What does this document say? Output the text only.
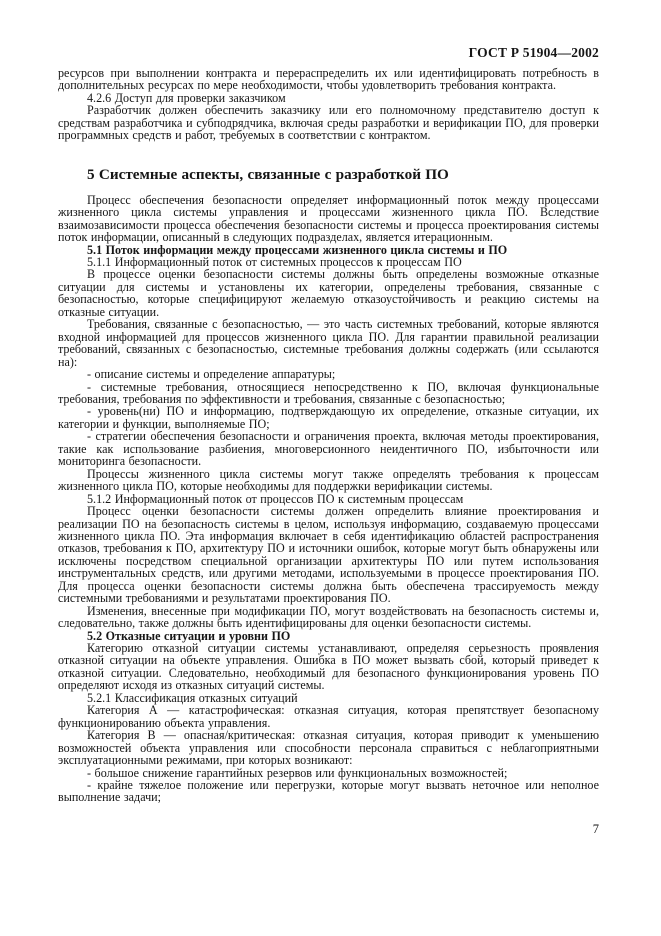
ГОСТ Р 51904—2002

ресурсов при выполнении контракта и перераспределить их или идентифицировать потребность в дополнительных ресурсах по мере необходимости, чтобы удовлетворить требования контракта.

4.2.6 Доступ для проверки заказчиком

Разработчик должен обеспечить заказчику или его полномочному представителю доступ к средствам разработчика и субподрядчика, включая среды разработки и верификации ПО, для проверки программных средств и работ, требуемых в соответствии с контрактом.

5 Системные аспекты, связанные с разработкой ПО

Процесс обеспечения безопасности определяет информационный поток между процессами жизненного цикла системы управления и процессами жизненного цикла ПО. Вследствие взаимозависимости процесса обеспечения безопасности системы и процесса проектирования системы поток информации, описанный в следующих подразделах, является итерационным.

5.1 Поток информации между процессами жизненного цикла системы и ПО

5.1.1 Информационный поток от системных процессов к процессам ПО

В процессе оценки безопасности системы должны быть определены возможные отказные ситуации для системы и установлены их категории, определены требования, связанные с безопасностью, которые специфицируют желаемую отказоустойчивость и реакцию системы на отказные ситуации.

Требования, связанные с безопасностью, — это часть системных требований, которые являются входной информацией для процессов жизненного цикла ПО. Для гарантии правильной реализации требований, связанных с безопасностью, системные требования должны содержать (или ссылаются на):

- описание системы и определение аппаратуры;

- системные требования, относящиеся непосредственно к ПО, включая функциональные требования, требования по эффективности и требования, связанные с безопасностью;

- уровень(ни) ПО и информацию, подтверждающую их определение, отказные ситуации, их категории и функции, выполняемые ПО;

- стратегии обеспечения безопасности и ограничения проекта, включая методы проектирования, такие как использование разбиения, многоверсионного неидентичного ПО, избыточности или мониторинга безопасности.

Процессы жизненного цикла системы могут также определять требования к процессам жизненного цикла ПО, которые необходимы для поддержки верификации системы.

5.1.2 Информационный поток от процессов ПО к системным процессам

Процесс оценки безопасности системы должен определить влияние проектирования и реализации ПО на безопасность системы в целом, используя информацию, создаваемую процессами жизненного цикла ПО. Эта информация включает в себя идентификацию областей распространения отказов, требования к ПО, архитектуру ПО и источники ошибок, которые могут быть обнаружены или исключены посредством специальной организации архитектуры ПО или путем использования инструментальных средств, или другими методами, используемыми в процессе проектирования ПО. Для процесса оценки безопасности системы должна быть обеспечена трассируемость между системными требованиями и результатами проектирования ПО.

Изменения, внесенные при модификации ПО, могут воздействовать на безопасность системы и, следовательно, также должны быть идентифицированы для оценки безопасности системы.

5.2 Отказные ситуации и уровни ПО

Категорию отказной ситуации системы устанавливают, определяя серьезность проявления отказной ситуации на объекте управления. Ошибка в ПО может вызвать сбой, который приведет к отказной ситуации. Следовательно, необходимый для безопасного функционирования уровень ПО определяют исходя из отказных ситуаций системы.

5.2.1 Классификация отказных ситуаций

Категория А — катастрофическая: отказная ситуация, которая препятствует безопасному функционированию объекта управления.

Категория В — опасная/критическая: отказная ситуация, которая приводит к уменьшению возможностей объекта управления или способности персонала справиться с неблагоприятными эксплуатационными режимами, при которых возникают:

- большое снижение гарантийных резервов или функциональных возможностей;

- крайне тяжелое положение или перегрузки, которые могут вызвать неточное или неполное выполнение задачи;

7
